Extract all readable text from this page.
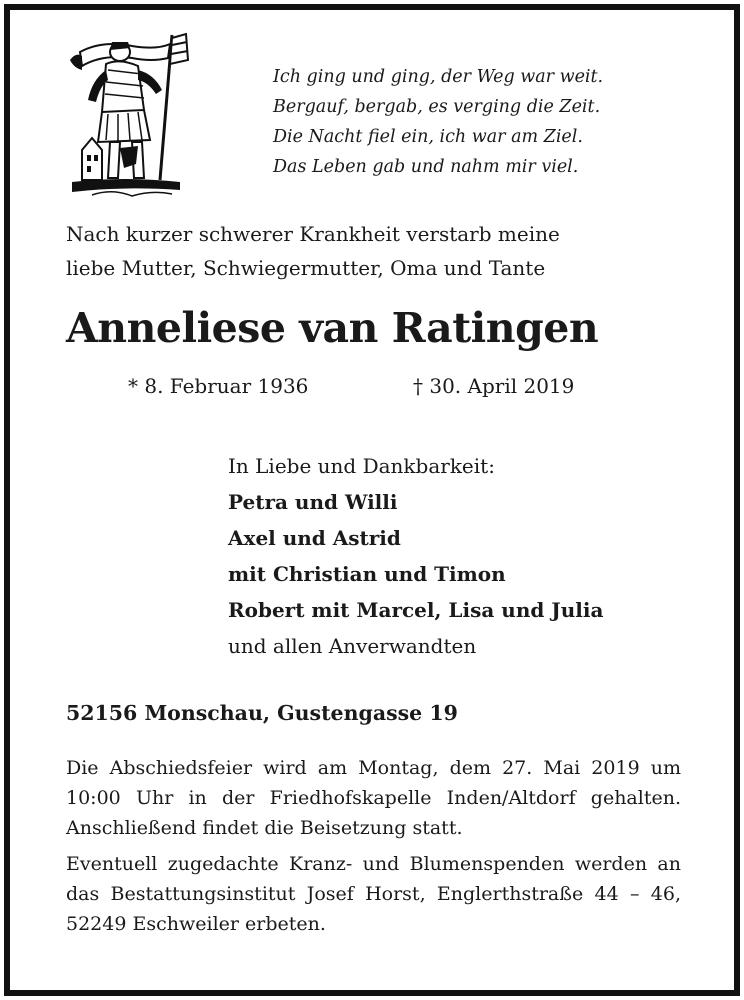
Ich ging und ging, der Weg war weit.
Bergauf, bergab, es verging die Zeit.
Die Nacht fiel ein, ich war am Ziel.
Das Leben gab und nahm mir viel.
Nach kurzer schwerer Krankheit verstarb meine
liebe Mutter, Schwiegermutter, Oma und Tante
Anneliese van Ratingen
* 8. Februar 1936	† 30. April 2019
In Liebe und Dankbarkeit:
Petra und Willi
Axel und Astrid
mit Christian und Timon
Robert mit Marcel, Lisa und Julia
und allen Anverwandten
52156 Monschau, Gustengasse 19

Die Abschiedsfeier wird am Montag, dem 27. Mai 2019 um 10:00 Uhr in der Friedhofskapelle Inden/Altdorf gehalten. Anschließend findet die Beisetzung statt.

Eventuell zugedachte Kranz- und Blumenspenden werden an das Bestattungsinstitut Josef Horst, Englerthstraße 44 – 46, 52249 Eschweiler erbeten.
